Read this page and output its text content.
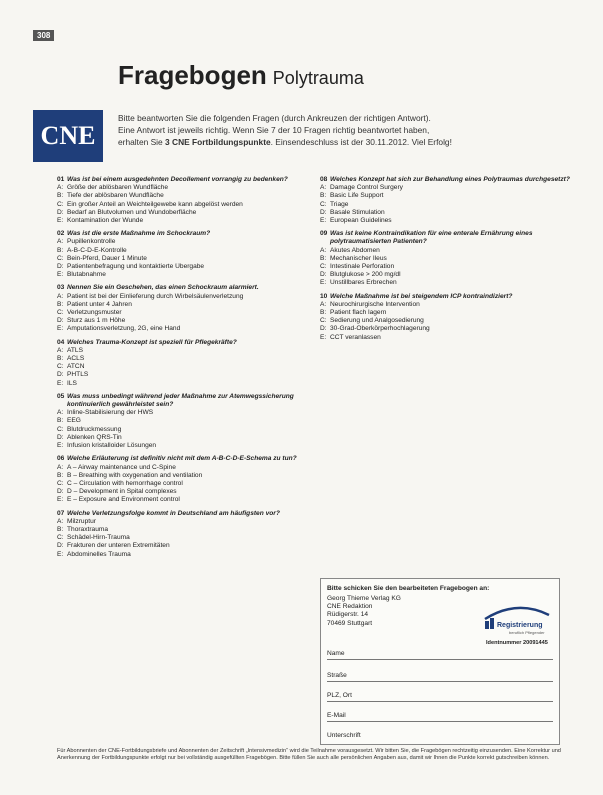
308
Fragebogen Polytrauma
CNE
Bitte beantworten Sie die folgenden Fragen (durch Ankreuzen der richtigen Antwort).
Eine Antwort ist jeweils richtig. Wenn Sie 7 der 10 Fragen richtig beantwortet haben,
erhalten Sie 3 CNE Fortbildungspunkte. Einsendeschluss ist der 30.11.2012. Viel Erfolg!
01 Was ist bei einem ausgedehnten Decollement vorrangig zu bedenken?
A: Größe der ablösbaren Wundfläche
B: Tiefe der ablösbaren Wundfläche
C: Ein großer Anteil an Weichteilgewebe kann abgelöst werden
D: Bedarf an Blutvolumen und Wundoberfläche
E: Kontamination der Wunde
02 Was ist die erste Maßnahme im Schockraum?
A: Pupillenkontrolle
B: A-B-C-D-E-Kontrolle
C: Bein-Pferd, Dauer 1 Minute
D: Patientenbefragung und kontaktierte Übergabe
E: Blutabnahme
03 Nennen Sie ein Geschehen, das einen Schockraum alarmiert.
A: Patient ist bei der Einlieferung durch Wirbelsäulenverletzung
B: Patient unter 4 Jahren
C: Verletzungsmuster
D: Sturz aus 1 m Höhe
E: Amputationsverletzung, 2G, eine Hand
04 Welches Trauma-Konzept ist speziell für Pflegekräfte?
A: ATLS
B: ACLS
C: ATCN
D: PHTLS
E: ILS
05 Was muss unbedingt während jeder Maßnahme zur Atemwegssicherung kontinuierlich gewährleistet sein?
A: Inline-Stabilisierung der HWS
B: EEG
C: Blutdruckmessung
D: Ablenken QRS-Tin
E: Infusion kristalloider Lösungen
06 Welche Erläuterung ist definitiv nicht mit dem A-B-C-D-E-Schema zu tun?
A: A – Airway maintenance und C-Spine
B: B – Breathing with oxygenation and ventilation
C: C – Circulation with hemorrhage control
D: D – Development in Spital complexes
E: E – Exposure and Environment control
07 Welche Verletzungsfolge kommt in Deutschland am häufigsten vor?
A: Milzruptur
B: Thoraxtrauma
C: Schädel-Hirn-Trauma
D: Frakturen der unteren Extremitäten
E: Abdominelles Trauma
08 Welches Konzept hat sich zur Behandlung eines Polytraumas durchgesetzt?
A: Damage Control Surgery
B: Basic Life Support
C: Triage
D: Basale Stimulation
E: European Guidelines
09 Was ist keine Kontraindikation für eine enterale Ernährung eines polytraumatisierten Patienten?
A: Akutes Abdomen
B: Mechanischer Ileus
C: Intestinale Perforation
D: Blutglukose > 200 mg/dl
E: Unstillbares Erbrechen
10 Welche Maßnahme ist bei steigendem ICP kontraindiziert?
A: Neurochirurgische Intervention
B: Patient flach lagern
C: Sedierung und Analgosedierung
D: 30-Grad-Oberkörperhochlagerung
E: CCT veranlassen
Bitte schicken Sie den bearbeiteten Fragebogen an:
Georg Thieme Verlag KG
CNE Redaktion
Rüdigerstr. 14
70469 Stuttgart	Registrierung
beruflich Pflegender
Identnummer 20091445
Name
Straße
PLZ, Ort
E-Mail
Unterschrift
Für Abonnenten der CNE-Fortbildungsbriefe und Abonnenten der Zeitschrift „Intensivmedizin“ wird die Teilnahme vorausgesetzt. Wir bitten Sie, die Fragebögen rechtzeitig einzusenden. Eine Korrektur und Anerkennung der Fortbildungspunkte erfolgt nur bei vollständig ausgefüllten Fragebögen. Bitte füllen Sie auch alle persönlichen Angaben aus, damit wir Ihnen die Punkte korrekt gutschreiben können.
